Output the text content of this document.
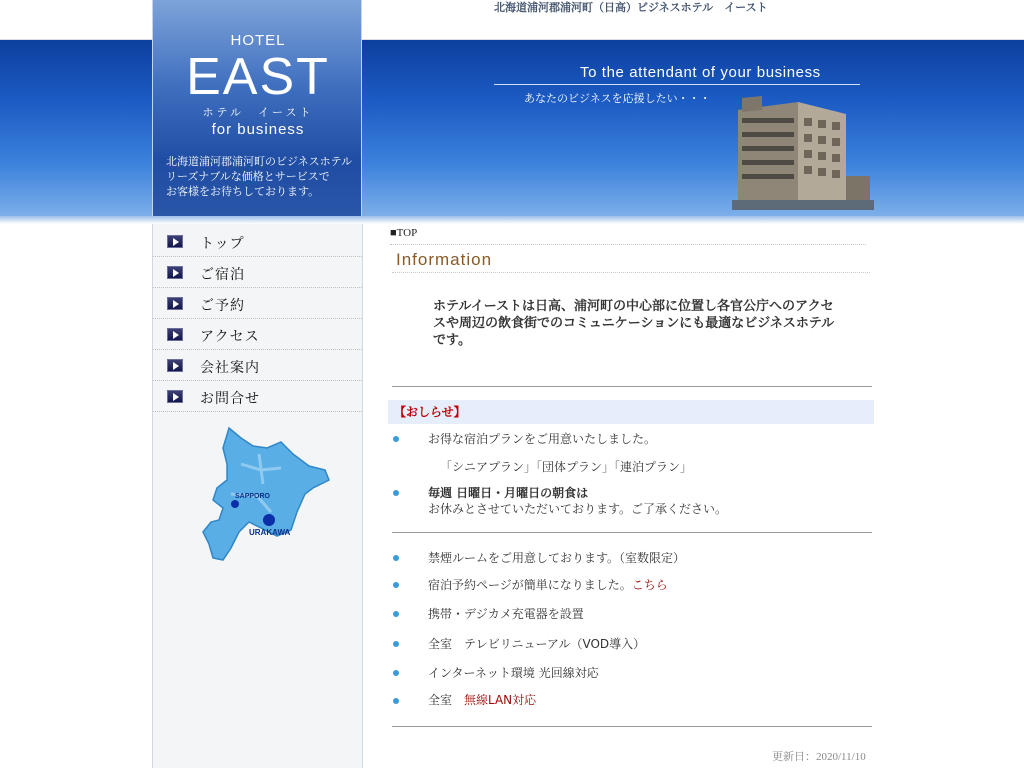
北海道浦河郡浦河町（日高）ビジネスホテル　イースト
HOTEL
EAST
ホテル　イースト
for business
北海道浦河郡浦河町のビジネスホテル
リーズナブルな価格とサービスで
お客様をお待ちしております。
To the attendant of your business
あなたのビジネスを応援したい・・・
トップ
ご宿泊
ご予約
アクセス
会社案内
お問合せ
SAPPORO
URAKAWA
■TOP
Information
ホテルイーストは日高、浦河町の中心部に位置し各官公庁へのアクセスや周辺の飲食街でのコミュニケーションにも最適なビジネスホテルです。
【おしらせ】
お得な宿泊プランをご用意いたしました。
「シニアプラン」「団体プラン」「連泊プラン」
毎週 日曜日・月曜日の朝食は
お休みとさせていただいております。ご了承ください。
禁煙ルームをご用意しております。（室数限定）
宿泊予約ページが簡単になりました。こちら
携帯・デジカメ充電器を設置
全室　テレビリニューアル（VOD導入）
インターネット環境 光回線対応
全室　無線LAN対応
更新日：2020/11/10
